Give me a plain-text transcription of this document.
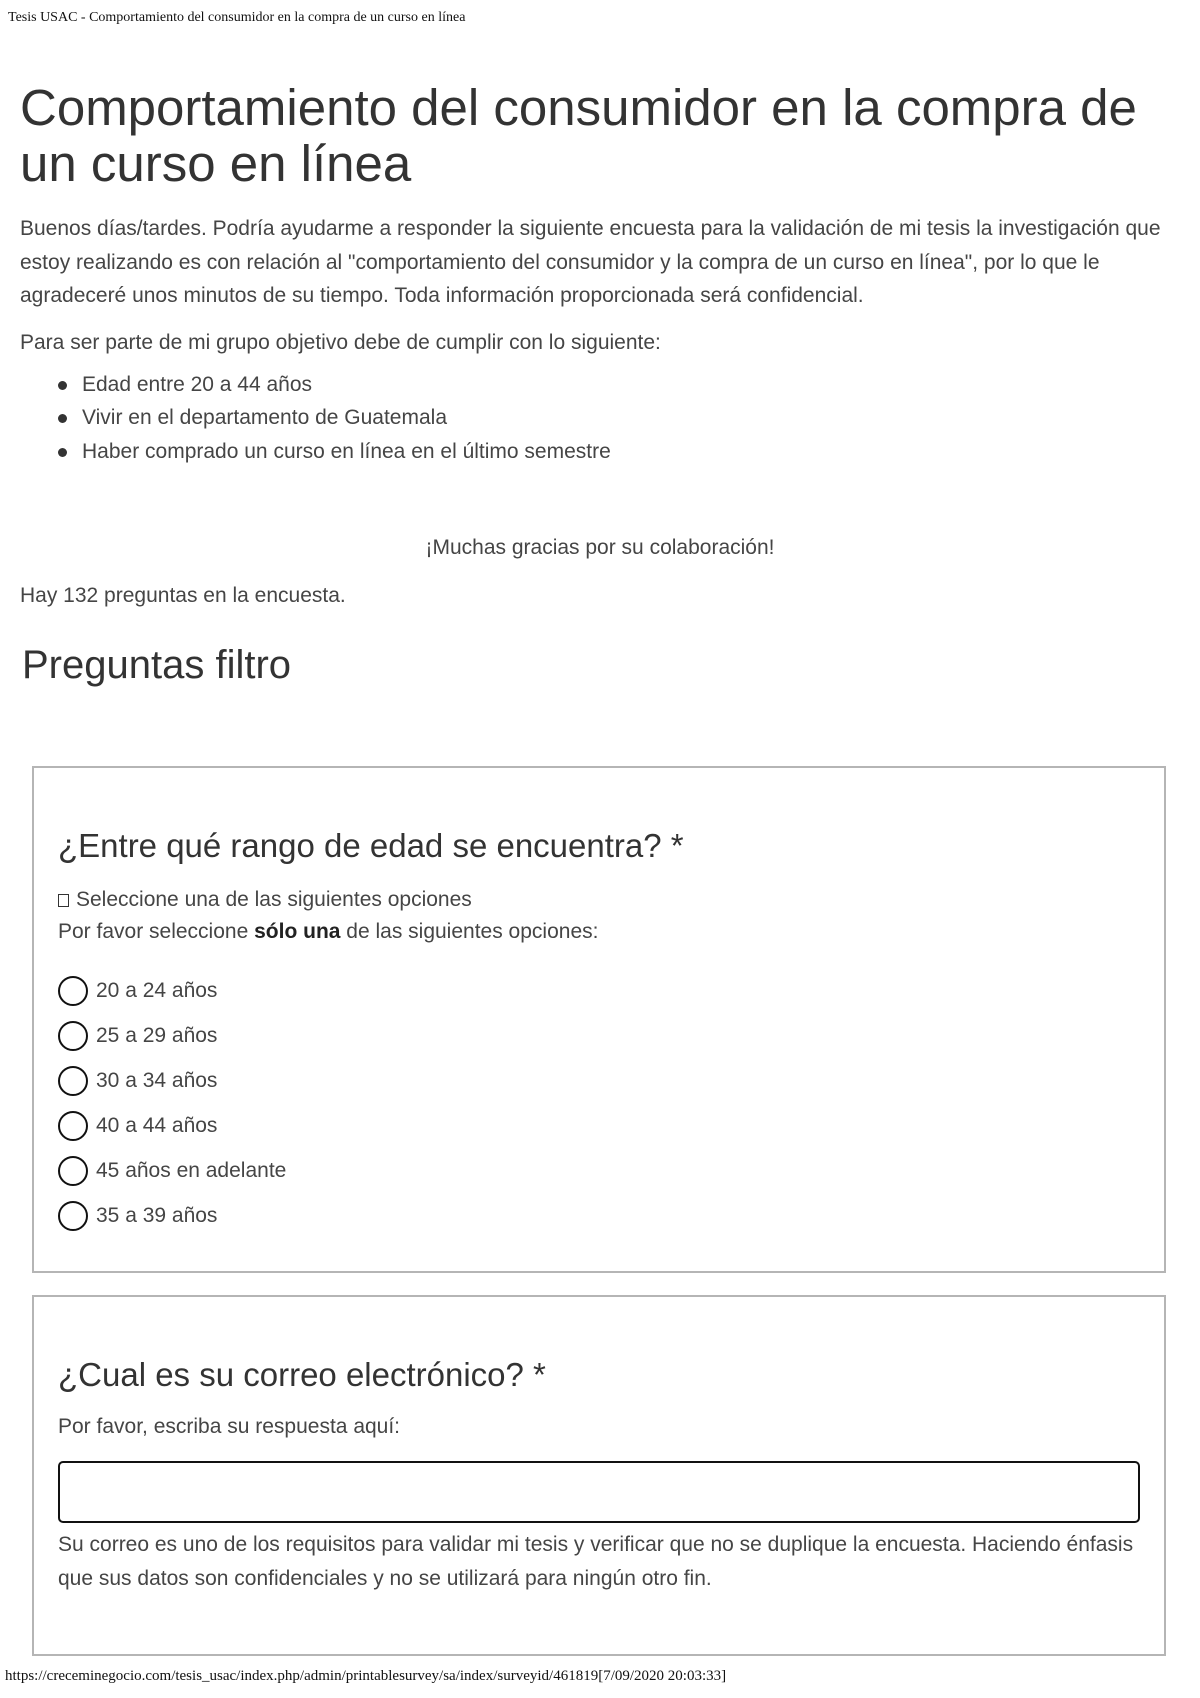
Tesis USAC - Comportamiento del consumidor en la compra de un curso en línea
Comportamiento del consumidor en la compra de un curso en línea

Buenos días/tardes. Podría ayudarme a responder la siguiente encuesta para la validación de mi tesis la investigación que estoy realizando es con relación al "comportamiento del consumidor y la compra de un curso en línea", por lo que le agradeceré unos minutos de su tiempo. Toda información proporcionada será confidencial.

Para ser parte de mi grupo objetivo debe de cumplir con lo siguiente:

Edad entre 20 a 44 años
Vivir en el departamento de Guatemala
Haber comprado un curso en línea en el último semestre

¡Muchas gracias por su colaboración!

Hay 132 preguntas en la encuesta.

Preguntas filtro
¿Entre qué rango de edad se encuentra? *
Seleccione una de las siguientes opciones
Por favor seleccione sólo una de las siguientes opciones:
20 a 24 años
25 a 29 años
30 a 34 años
40 a 44 años
45 años en adelante
35 a 39 años
¿Cual es su correo electrónico? *
Por favor, escriba su respuesta aquí:
Su correo es uno de los requisitos para validar mi tesis y verificar que no se duplique la encuesta. Haciendo énfasis que sus datos son confidenciales y no se utilizará para ningún otro fin.
https://creceminegocio.com/tesis_usac/index.php/admin/printablesurvey/sa/index/surveyid/461819[7/09/2020 20:03:33]
